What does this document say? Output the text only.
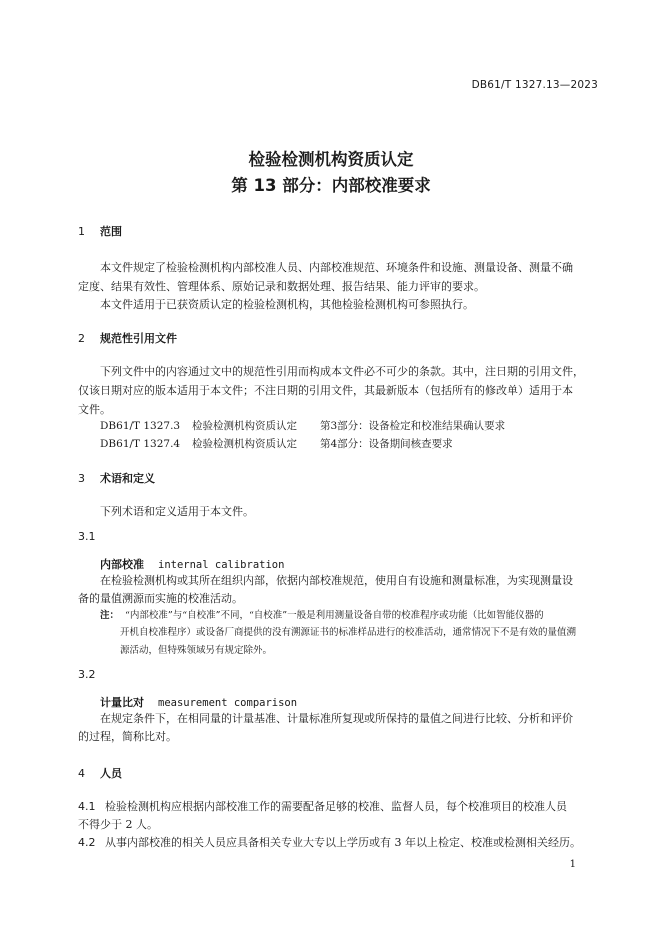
DB61/T 1327.13—2023
检验检测机构资质认定
第 13 部分：内部校准要求
1 范围
本文件规定了检验检测机构内部校准人员、内部校准规范、环境条件和设施、测量设备、测量不确
定度、结果有效性、管理体系、原始记录和数据处理、报告结果、能力评审的要求。
本文件适用于已获资质认定的检验检测机构，其他检验检测机构可参照执行。
2 规范性引用文件
下列文件中的内容通过文中的规范性引用而构成本文件必不可少的条款。其中，注日期的引用文件，
仅该日期对应的版本适用于本文件；不注日期的引用文件，其最新版本（包括所有的修改单）适用于本
文件。
DB61/T 1327.3 检验检测机构资质认定 第3部分：设备检定和校准结果确认要求
DB61/T 1327.4 检验检测机构资质认定 第4部分：设备期间核查要求
3 术语和定义
下列术语和定义适用于本文件。
3.1
内部校准 internal calibration
在检验检测机构或其所在组织内部，依据内部校准规范，使用自有设施和测量标准，为实现测量设
备的量值溯源而实施的校准活动。
注： “内部校准”与“自校准”不同，“自校准”一般是利用测量设备自带的校准程序或功能（比如智能仪器的
开机自校准程序）或设备厂商提供的没有溯源证书的标准样品进行的校准活动，通常情况下不是有效的量值溯
源活动，但特殊领域另有规定除外。
3.2
计量比对 measurement comparison
在规定条件下，在相同量的计量基准、计量标准所复现或所保持的量值之间进行比较、分析和评价
的过程，简称比对。
4 人员
4.1 检验检测机构应根据内部校准工作的需要配备足够的校准、监督人员，每个校准项目的校准人员
不得少于 2 人。
4.2 从事内部校准的相关人员应具备相关专业大专以上学历或有 3 年以上检定、校准或检测相关经历。
1
